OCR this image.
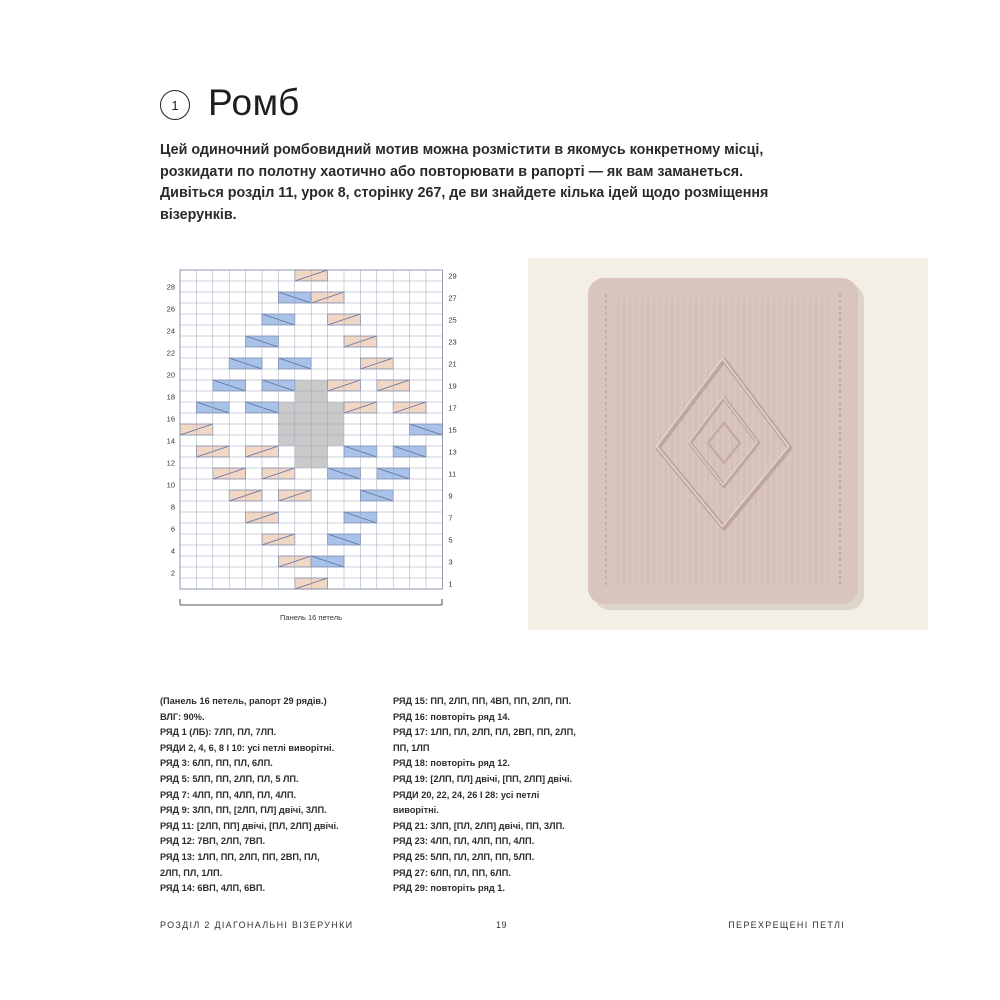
1 Ромб
Цей одиночний ромбовидний мотив можна розмістити в якомусь конкретному місці, розкидати по полотну хаотично або повторювати в рапорті — як вам заманеться. Дивіться розділ 11, урок 8, сторінку 267, де ви знайдете кілька ідей щодо розміщення візерунків.
28
26
24
22
20
18
16
14
12
10
8
6
4
2
29
27
25
23
21
19
17
15
13
11
9
7
5
3
1
Панель 16 петель
(Панель 16 петель, рапорт 29 рядів.)
ВЛГ: 90%.
РЯД 1 (ЛБ): 7ЛП, ПЛ, 7ЛП.
РЯДИ 2, 4, 6, 8 І 10: усі петлі виворітні.
РЯД 3: 6ЛП, ПП, ПЛ, 6ЛП.
РЯД 5: 5ЛП, ПП, 2ЛП, ПЛ, 5 ЛП.
РЯД 7: 4ЛП, ПП, 4ЛП, ПЛ, 4ЛП.
РЯД 9: 3ЛП, ПП, [2ЛП, ПЛ] двічі, 3ЛП.
РЯД 11: [2ЛП, ПП] двічі, [ПЛ, 2ЛП] двічі.
РЯД 12: 7ВП, 2ЛП, 7ВП.
РЯД 13: 1ЛП, ПП, 2ЛП, ПП, 2ВП, ПЛ,
2ЛП, ПЛ, 1ЛП.
РЯД 14: 6ВП, 4ЛП, 6ВП.
РЯД 15: ПП, 2ЛП, ПП, 4ВП, ПП, 2ЛП, ПП.
РЯД 16: повторіть ряд 14.
РЯД 17: 1ЛП, ПЛ, 2ЛП, ПЛ, 2ВП, ПП, 2ЛП,
ПП, 1ЛП
РЯД 18: повторіть ряд 12.
РЯД 19: [2ЛП, ПЛ] двічі, [ПП, 2ЛП] двічі.
РЯДИ 20, 22, 24, 26 І 28: усі петлі
виворітні.
РЯД 21: 3ЛП, [ПЛ, 2ЛП] двічі, ПП, 3ЛП.
РЯД 23: 4ЛП, ПЛ, 4ЛП, ПП, 4ЛП.
РЯД 25: 5ЛП, ПЛ, 2ЛП, ПП, 5ЛП.
РЯД 27: 6ЛП, ПЛ, ПП, 6ЛП.
РЯД 29: повторіть ряд 1.
РОЗДІЛ 2 ДІАГОНАЛЬНІ ВІЗЕРУНКИ	19	ПЕРЕХРЕЩЕНІ ПЕТЛІ
